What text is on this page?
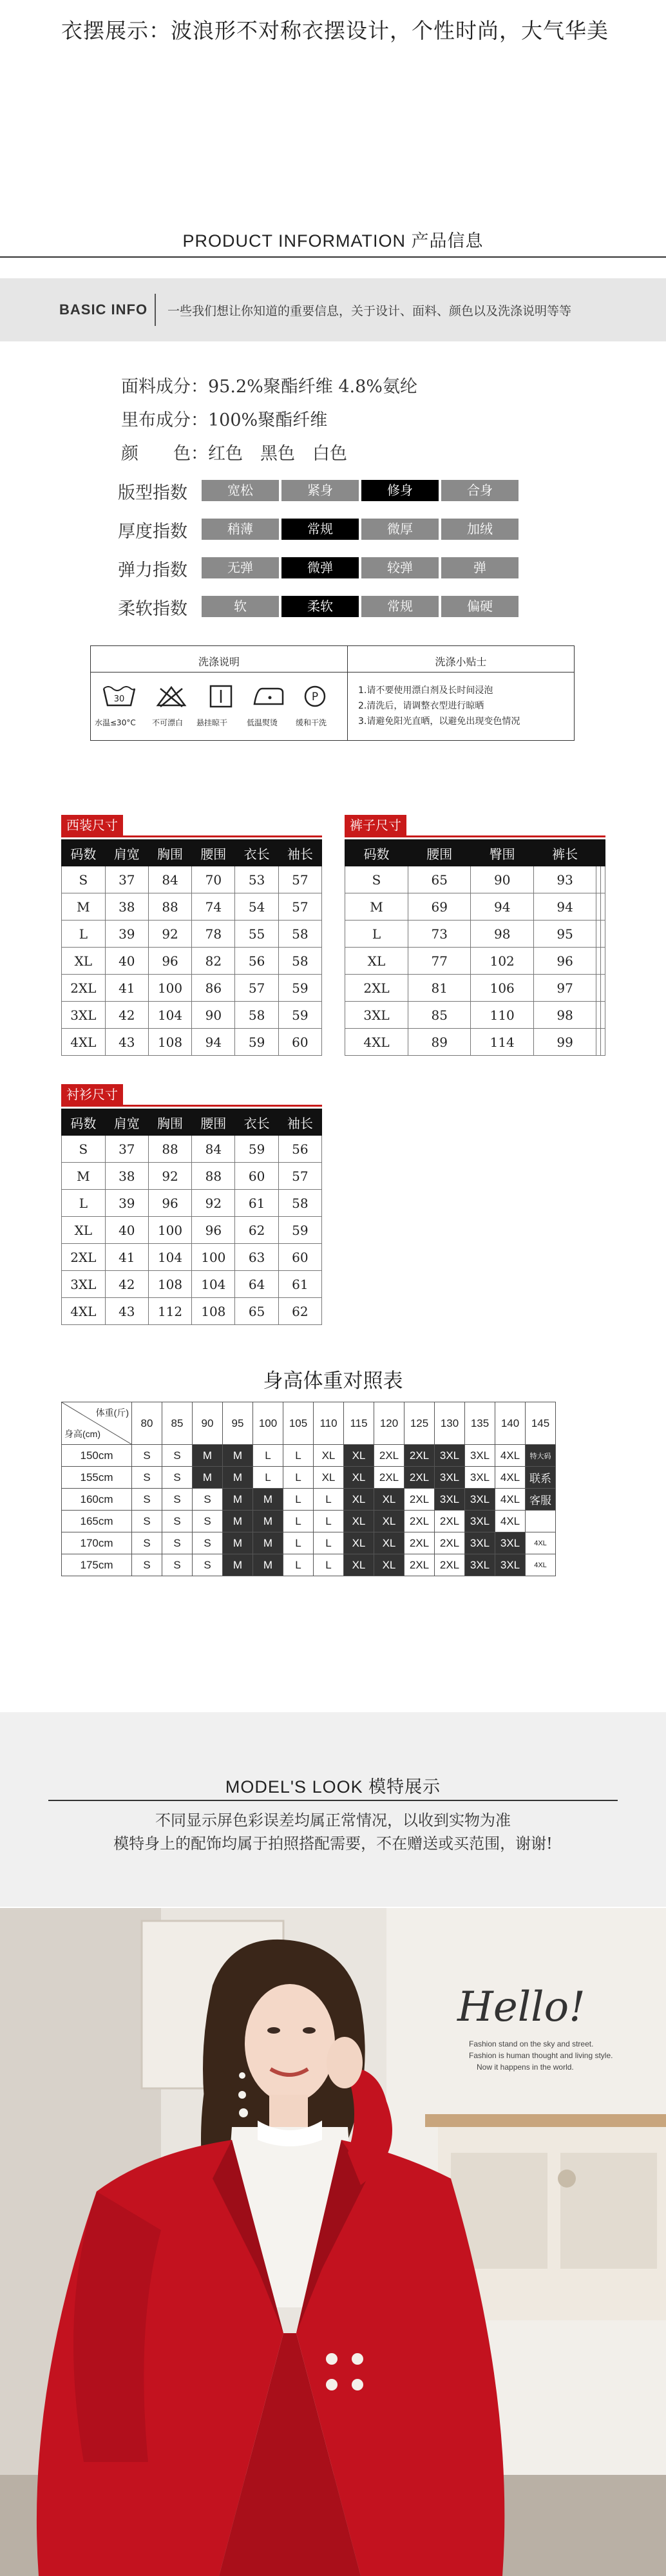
衣摆展示：波浪形不对称衣摆设计，个性时尚，大气华美
PRODUCT INFORMATION 产品信息
BASIC INFO 一些我们想让你知道的重要信息，关于设计、面料、颜色以及洗涤说明等等
面料成分：95.2%聚酯纤维 4.8%氨纶
里布成分：100%聚酯纤维
颜　　色：红色　黑色　白色
版型指数	宽松	紧身	修身	合身
厚度指数	稍薄	常规	微厚	加绒
弹力指数	无弹	微弹	较弹	弹
柔软指数	软	柔软	常规	偏硬
洗涤说明
30
水温≤30°C 不可漂白 悬挂晾干 低温熨烫
P
缓和干洗
洗涤小贴士
1.请不要使用漂白剂及长时间浸泡
2.清洗后，请调整衣型进行晾晒
3.请避免阳光直晒，以避免出现变色情况
西装尺寸
码数	肩宽	胸围	腰围	衣长	袖长
S	37	84	70	53	57
M	38	88	74	54	57
L	39	92	78	55	58
XL	40	96	82	56	58
2XL	41	100	86	57	59
3XL	42	104	90	58	59
4XL	43	108	94	59	60
裤子尺寸
码数	腰围	臀围	裤长		
S	65	90	93		
M	69	94	94		
L	73	98	95		
XL	77	102	96		
2XL	81	106	97		
3XL	85	110	98		
4XL	89	114	99		
衬衫尺寸
码数	肩宽	胸围	腰围	衣长	袖长
S	37	88	84	59	56
M	38	92	88	60	57
L	39	96	92	61	58
XL	40	100	96	62	59
2XL	41	104	100	63	60
3XL	42	108	104	64	61
4XL	43	112	108	65	62
身高体重对照表
体重(斤)
身高(cm)	80	85	90	95	100	105	110	115	120	125	130	135	140	145
150cm	S	S	M	M	L	L	XL	XL	2XL	2XL	3XL	3XL	4XL	特大码
155cm	S	S	M	M	L	L	XL	XL	2XL	2XL	3XL	3XL	4XL	联系
160cm	S	S	S	M	M	L	L	XL	XL	2XL	3XL	3XL	4XL	客服
165cm	S	S	S	M	M	L	L	XL	XL	2XL	2XL	3XL	4XL	
170cm	S	S	S	M	M	L	L	XL	XL	2XL	2XL	3XL	3XL	4XL
175cm	S	S	S	M	M	L	L	XL	XL	2XL	2XL	3XL	3XL	4XL
MODEL'S LOOK 模特展示
不同显示屏色彩误差均属正常情况，以收到实物为准
模特身上的配饰均属于拍照搭配需要，不在赠送或买范围，谢谢!
Hello!
Fashion stand on the sky and street.
Fashion is human thought and living style.
Now it happens in the world.
